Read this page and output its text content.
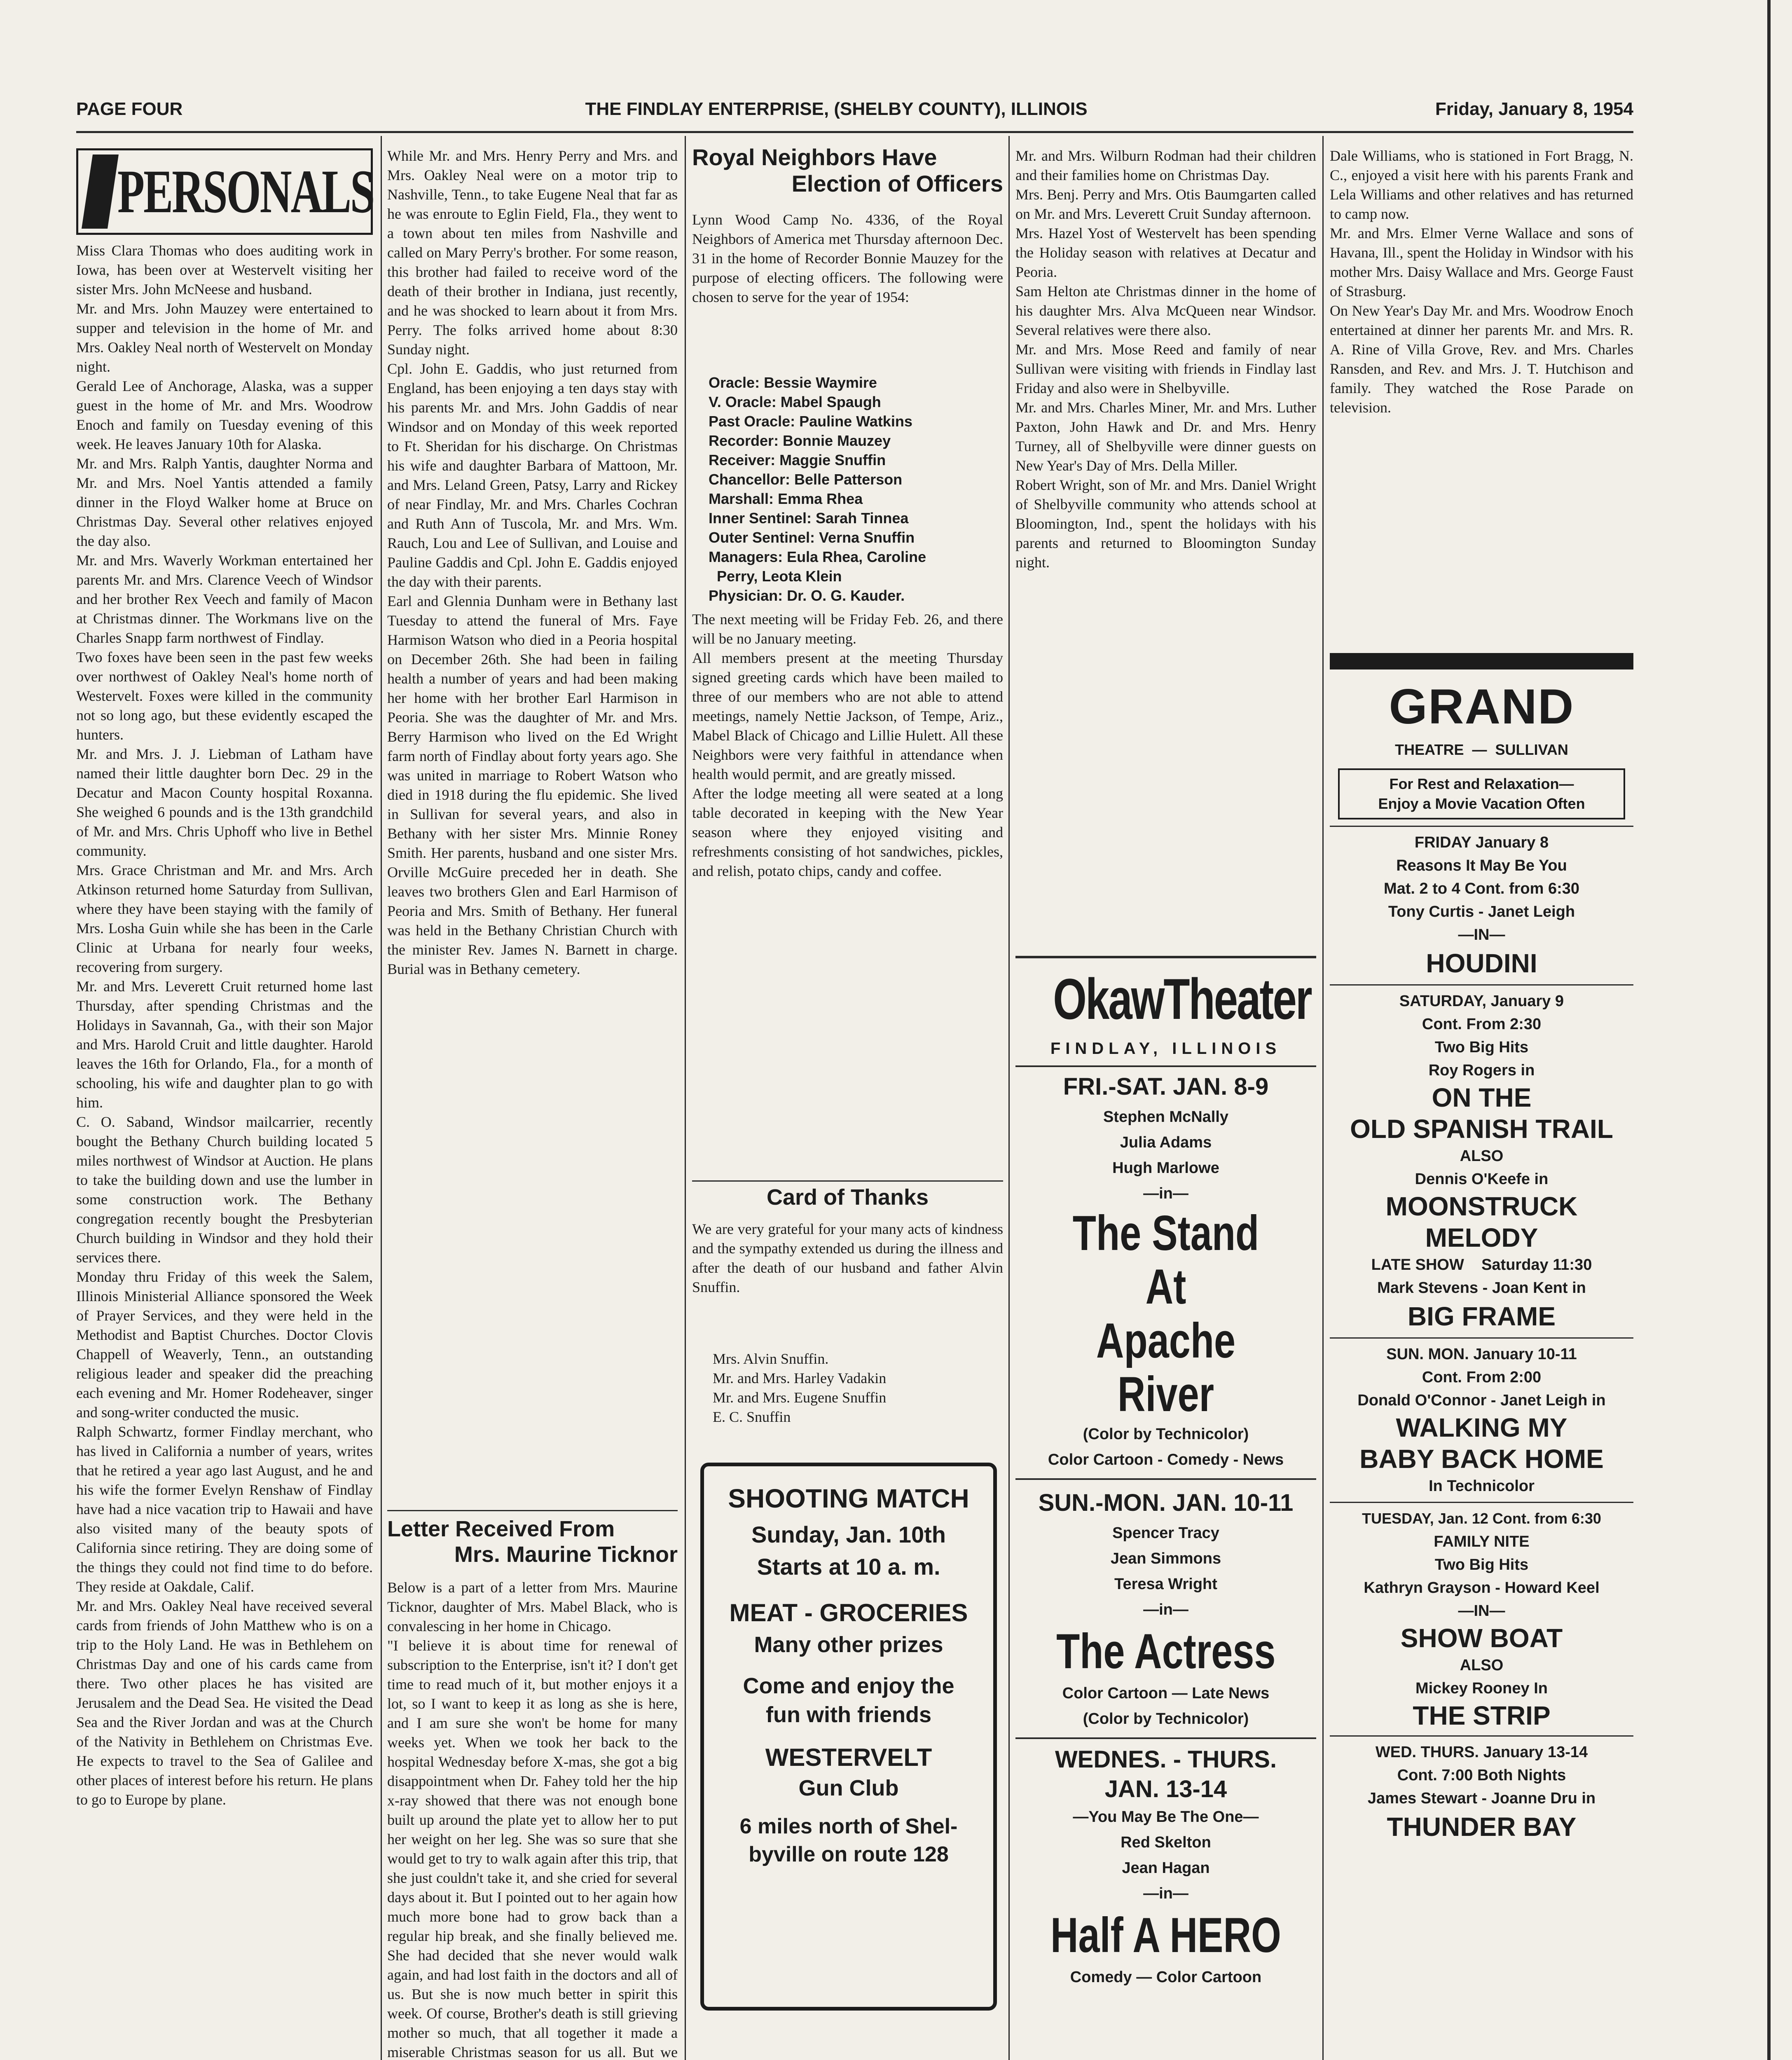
PAGE FOUR	THE FINDLAY ENTERPRISE, (SHELBY COUNTY), ILLINOIS	Friday, January 8, 1954
PERSONALS
Miss Clara Thomas who does auditing work in Iowa, has been over at Westervelt visiting her sister Mrs. John McNeese and husband.
Mr. and Mrs. John Mauzey were entertained to supper and television in the home of Mr. and Mrs. Oakley Neal north of Westervelt on Monday night.
Gerald Lee of Anchorage, Alaska, was a supper guest in the home of Mr. and Mrs. Woodrow Enoch and family on Tuesday evening of this week. He leaves January 10th for Alaska.
Mr. and Mrs. Ralph Yantis, daughter Norma and Mr. and Mrs. Noel Yantis attended a family dinner in the Floyd Walker home at Bruce on Christmas Day. Several other relatives enjoyed the day also.
Mr. and Mrs. Waverly Workman entertained her parents Mr. and Mrs. Clarence Veech of Windsor and her brother Rex Veech and family of Macon at Christmas dinner. The Workmans live on the Charles Snapp farm northwest of Findlay.
Two foxes have been seen in the past few weeks over northwest of Oakley Neal's home north of Westervelt. Foxes were killed in the community not so long ago, but these evidently escaped the hunters.
Mr. and Mrs. J. J. Liebman of Latham have named their little daughter born Dec. 29 in the Decatur and Macon County hospital Roxanna. She weighed 6 pounds and is the 13th grandchild of Mr. and Mrs. Chris Uphoff who live in Bethel community.
Mrs. Grace Christman and Mr. and Mrs. Arch Atkinson returned home Saturday from Sullivan, where they have been staying with the family of Mrs. Losha Guin while she has been in the Carle Clinic at Urbana for nearly four weeks, recovering from surgery.
Mr. and Mrs. Leverett Cruit returned home last Thursday, after spending Christmas and the Holidays in Savannah, Ga., with their son Major and Mrs. Harold Cruit and little daughter. Harold leaves the 16th for Orlando, Fla., for a month of schooling, his wife and daughter plan to go with him.
C. O. Saband, Windsor mailcarrier, recently bought the Bethany Church building located 5 miles northwest of Windsor at Auction. He plans to take the building down and use the lumber in some construction work. The Bethany congregation recently bought the Presbyterian Church building in Windsor and they hold their services there.
Monday thru Friday of this week the Salem, Illinois Ministerial Alliance sponsored the Week of Prayer Services, and they were held in the Methodist and Baptist Churches. Doctor Clovis Chappell of Weaverly, Tenn., an outstanding religious leader and speaker did the preaching each evening and Mr. Homer Rodeheaver, singer and song-writer conducted the music.
Ralph Schwartz, former Findlay merchant, who has lived in California a number of years, writes that he retired a year ago last August, and he and his wife the former Evelyn Renshaw of Findlay have had a nice vacation trip to Hawaii and have also visited many of the beauty spots of California since retiring. They are doing some of the things they could not find time to do before. They reside at Oakdale, Calif.
Mr. and Mrs. Oakley Neal have received several cards from friends of John Matthew who is on a trip to the Holy Land. He was in Bethlehem on Christmas Day and one of his cards came from there. Two other places he has visited are Jerusalem and the Dead Sea. He visited the Dead Sea and the River Jordan and was at the Church of the Nativity in Bethlehem on Christmas Eve. He expects to travel to the Sea of Galilee and other places of interest before his return. He plans to go to Europe by plane.
While Mr. and Mrs. Henry Perry and Mrs. and Mrs. Oakley Neal were on a motor trip to Nashville, Tenn., to take Eugene Neal that far as he was enroute to Eglin Field, Fla., they went to a town about ten miles from Nashville and called on Mary Perry's brother. For some reason, this brother had failed to receive word of the death of their brother in Indiana, just recently, and he was shocked to learn about it from Mrs. Perry. The folks arrived home about 8:30 Sunday night.
Cpl. John E. Gaddis, who just returned from England, has been enjoying a ten days stay with his parents Mr. and Mrs. John Gaddis of near Windsor and on Monday of this week reported to Ft. Sheridan for his discharge. On Christmas his wife and daughter Barbara of Mattoon, Mr. and Mrs. Leland Green, Patsy, Larry and Rickey of near Findlay, Mr. and Mrs. Charles Cochran and Ruth Ann of Tuscola, Mr. and Mrs. Wm. Rauch, Lou and Lee of Sullivan, and Louise and Pauline Gaddis and Cpl. John E. Gaddis enjoyed the day with their parents.
Earl and Glennia Dunham were in Bethany last Tuesday to attend the funeral of Mrs. Faye Harmison Watson who died in a Peoria hospital on December 26th. She had been in failing health a number of years and had been making her home with her brother Earl Harmison in Peoria. She was the daughter of Mr. and Mrs. Berry Harmison who lived on the Ed Wright farm north of Findlay about forty years ago. She was united in marriage to Robert Watson who died in 1918 during the flu epidemic. She lived in Sullivan for several years, and also in Bethany with her sister Mrs. Minnie Roney Smith. Her parents, husband and one sister Mrs. Orville McGuire preceded her in death. She leaves two brothers Glen and Earl Harmison of Peoria and Mrs. Smith of Bethany. Her funeral was held in the Bethany Christian Church with the minister Rev. James N. Barnett in charge. Burial was in Bethany cemetery.
Letter Received From
Mrs. Maurine Ticknor
Below is a part of a letter from Mrs. Maurine Ticknor, daughter of Mrs. Mabel Black, who is convalescing in her home in Chicago.
"I believe it is about time for renewal of subscription to the Enterprise, isn't it? I don't get time to read much of it, but mother enjoys it a lot, so I want to keep it as long as she is here, and I am sure she won't be home for many weeks yet. When we took her back to the hospital Wednesday before X-mas, she got a big disappointment when Dr. Fahey told her the hip x-ray showed that there was not enough bone built up around the plate yet to allow her to put her weight on her leg. She was so sure that she would get to try to walk again after this trip, that she just couldn't take it, and she cried for several days about it. But I pointed out to her again how much more bone had to grow back than a regular hip break, and she finally believed me. She had decided that she never would walk again, and had lost faith in the doctors and all of us. But she is now much better in spirit this week. Of course, Brother's death is still grieving mother so much, that all together it made a miserable Christmas season for us all. But we
Royal Neighbors Have
Election of Officers
Lynn Wood Camp No. 4336, of the Royal Neighbors of America met Thursday afternoon Dec. 31 in the home of Recorder Bonnie Mauzey for the purpose of electing officers. The following were chosen to serve for the year of 1954:
Oracle: Bessie Waymire
V. Oracle: Mabel Spaugh
Past Oracle: Pauline Watkins
Recorder: Bonnie Mauzey
Receiver: Maggie Snuffin
Chancellor: Belle Patterson
Marshall: Emma Rhea
Inner Sentinel: Sarah Tinnea
Outer Sentinel: Verna Snuffin
Managers: Eula Rhea, Caroline
Perry, Leota Klein
Physician: Dr. O. G. Kauder.
The next meeting will be Friday Feb. 26, and there will be no January meeting.
All members present at the meeting Thursday signed greeting cards which have been mailed to three of our members who are not able to attend meetings, namely Nettie Jackson, of Tempe, Ariz., Mabel Black of Chicago and Lillie Hulett. All these Neighbors were very faithful in attendance when health would permit, and are greatly missed.
After the lodge meeting all were seated at a long table decorated in keeping with the New Year season where they enjoyed visiting and refreshments consisting of hot sandwiches, pickles, and relish, potato chips, candy and coffee.
Card of Thanks
We are very grateful for your many acts of kindness and the sympathy extended us during the illness and after the death of our husband and father Alvin Snuffin.
Mrs. Alvin Snuffin.
Mr. and Mrs. Harley Vadakin
Mr. and Mrs. Eugene Snuffin
E. C. Snuffin
SHOOTING MATCH
Sunday, Jan. 10th
Starts at 10 a. m.
MEAT - GROCERIES
Many other prizes
Come and enjoy the
fun with friends
WESTERVELT
Gun Club
6 miles north of Shel-
byville on route 128
Mr. and Mrs. Wilburn Rodman had their children and their families home on Christmas Day.
Mrs. Benj. Perry and Mrs. Otis Baumgarten called on Mr. and Mrs. Leverett Cruit Sunday afternoon.
Mrs. Hazel Yost of Westervelt has been spending the Holiday season with relatives at Decatur and Peoria.
Sam Helton ate Christmas dinner in the home of his daughter Mrs. Alva McQueen near Windsor. Several relatives were there also.
Mr. and Mrs. Mose Reed and family of near Sullivan were visiting with friends in Findlay last Friday and also were in Shelbyville.
Mr. and Mrs. Charles Miner, Mr. and Mrs. Luther Paxton, John Hawk and Dr. and Mrs. Henry Turney, all of Shelbyville were dinner guests on New Year's Day of Mrs. Della Miller.
Robert Wright, son of Mr. and Mrs. Daniel Wright of Shelbyville community who attends school at Bloomington, Ind., spent the holidays with his parents and returned to Bloomington Sunday night.
OkawTheater
FINDLAY, ILLINOIS
FRI.-SAT. JAN. 8-9
Stephen McNally
Julia Adams
Hugh Marlowe
—in—
The Stand At
Apache River
(Color by Technicolor)
Color Cartoon - Comedy - News
SUN.-MON. JAN. 10-11
Spencer Tracy
Jean Simmons
Teresa Wright
—in—
The Actress
Color Cartoon — Late News
(Color by Technicolor)
WEDNES. - THURS.
JAN. 13-14
—You May Be The One—
Red Skelton
Jean Hagan
—in—
Half A HERO
Comedy — Color Cartoon
Dale Williams, who is stationed in Fort Bragg, N. C., enjoyed a visit here with his parents Frank and Lela Williams and other relatives and has returned to camp now.
Mr. and Mrs. Elmer Verne Wallace and sons of Havana, Ill., spent the Holiday in Windsor with his mother Mrs. Daisy Wallace and Mrs. George Faust of Strasburg.
On New Year's Day Mr. and Mrs. Woodrow Enoch entertained at dinner her parents Mr. and Mrs. R. A. Rine of Villa Grove, Rev. and Mrs. Charles Ransden, and Rev. and Mrs. J. T. Hutchison and family. They watched the Rose Parade on television.
GRAND
THEATRE  —  SULLIVAN
For Rest and Relaxation—
Enjoy a Movie Vacation Often
FRIDAY January 8
Reasons It May Be You
Mat. 2 to 4 Cont. from 6:30
Tony Curtis - Janet Leigh
—IN—
HOUDINI
SATURDAY, January 9
Cont. From 2:30
Two Big Hits
Roy Rogers in
ON THE
OLD SPANISH TRAIL
ALSO
Dennis O'Keefe in
MOONSTRUCK
MELODY
LATE SHOW    Saturday 11:30
Mark Stevens - Joan Kent in
BIG FRAME
SUN. MON. January 10-11
Cont. From 2:00
Donald O'Connor - Janet Leigh in
WALKING MY
BABY BACK HOME
In Technicolor
TUESDAY, Jan. 12 Cont. from 6:30
FAMILY NITE
Two Big Hits
Kathryn Grayson - Howard Keel
—IN—
SHOW BOAT
ALSO
Mickey Rooney In
THE STRIP
WED. THURS. January 13-14
Cont. 7:00 Both Nights
James Stewart - Joanne Dru in
THUNDER BAY
